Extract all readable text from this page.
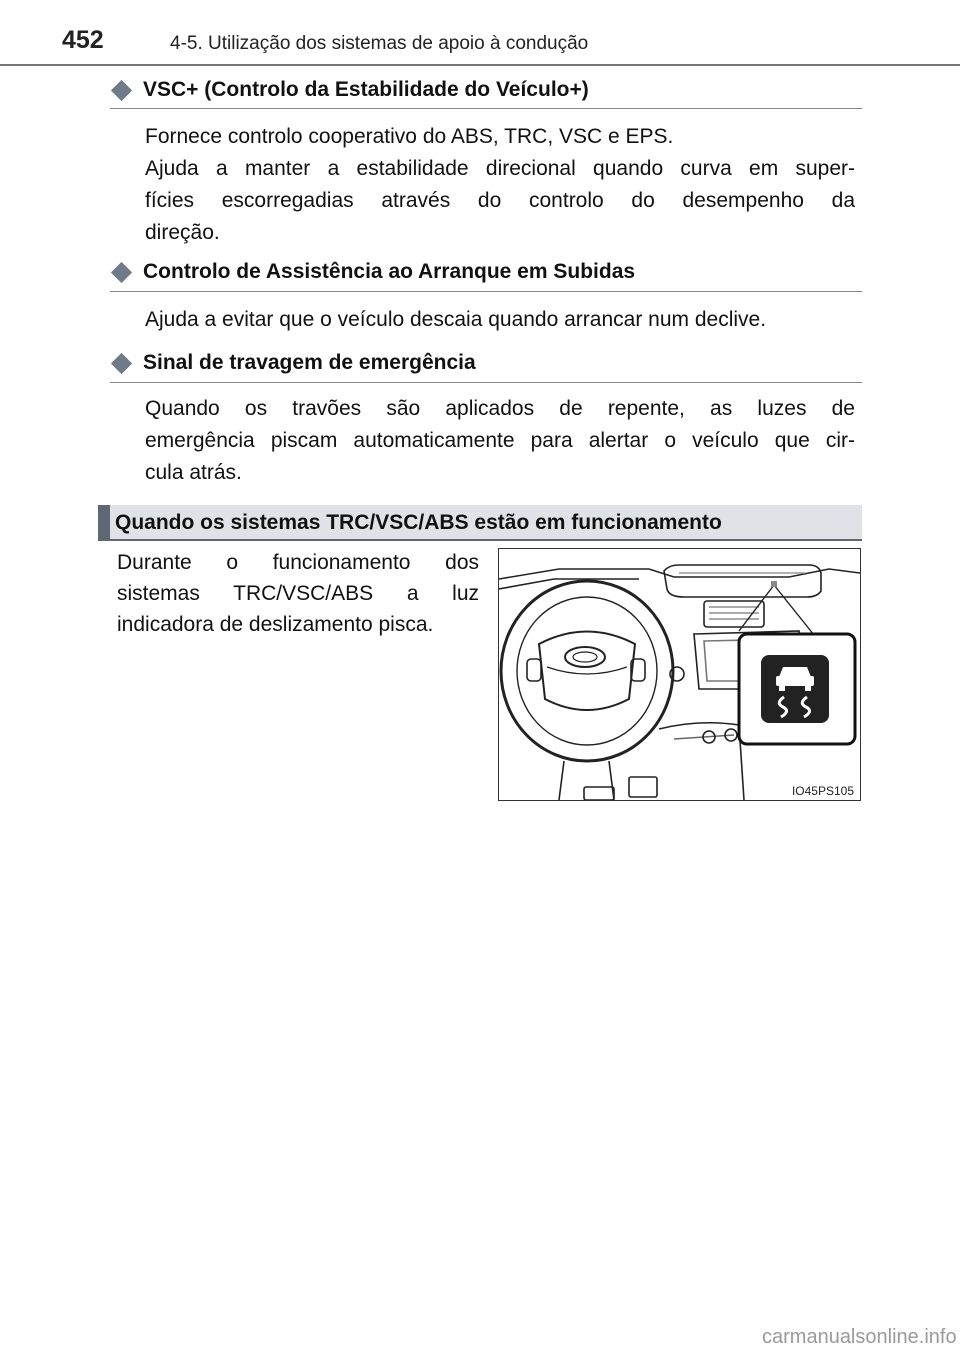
452	4-5. Utilização dos sistemas de apoio à condução
VSC+ (Controlo da Estabilidade do Veículo+)

Fornece controlo cooperativo do ABS, TRC, VSC e EPS.
Ajuda a manter a estabilidade direcional quando curva em super-
fícies escorregadias através do controlo do desempenho da
direção.

Controlo de Assistência ao Arranque em Subidas

Ajuda a evitar que o veículo descaia quando arrancar num declive.

Sinal de travagem de emergência

Quando os travões são aplicados de repente, as luzes de
emergência piscam automaticamente para alertar o veículo que cir-
cula atrás.

Quando os sistemas TRC/VSC/ABS estão em funcionamento
Durante o funcionamento dos
sistemas TRC/VSC/ABS a luz
indicadora de deslizamento pisca.
IO45PS105
carmanualsonline.info
